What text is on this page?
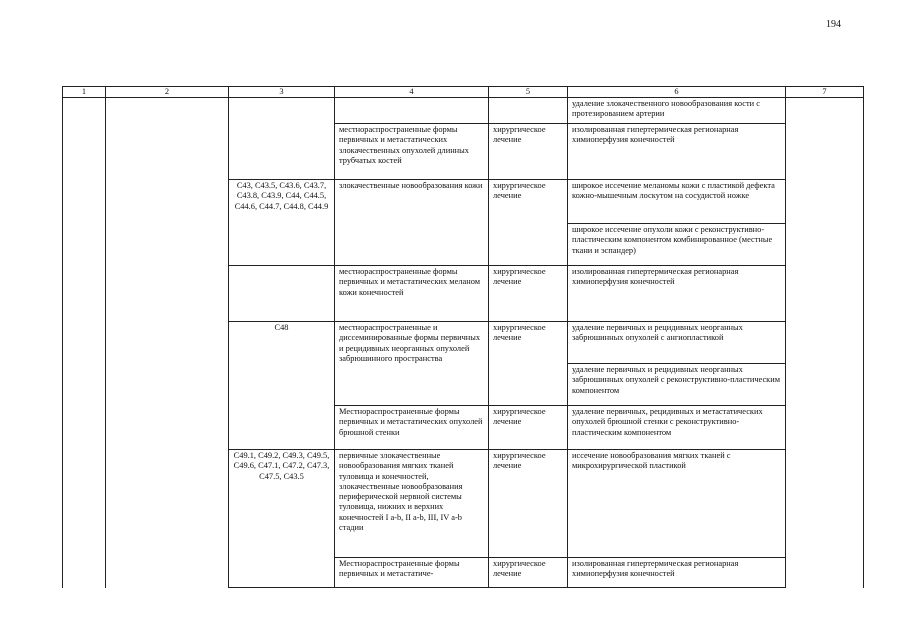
194
1	2	3	4	5	6	7
					удаление злокачественного новообразования кости с протезированием артерии	
			местнораспространенные формы первичных и метастатических злокачественных опухолей длинных трубчатых костей	хирургическое лечение	изолированная гипертермическая регионарная химиоперфузия конечностей	
		C43, C43.5, C43.6, C43.7, C43.8, C43.9, C44, C44.5, C44.6, C44.7, C44.8, C44.9	злокачественные новообразования кожи	хирургическое лечение	широкое иссечение меланомы кожи с пластикой дефекта кожно-мышечным лоскутом на сосудистой ножке	
					широкое иссечение опухоли кожи с реконструктивно-пластическим компонентом комбинированное (местные ткани и эспандер)	
			местнораспространенные формы первичных и метастатических меланом кожи конечностей	хирургическое лечение	изолированная гипертермическая регионарная химиоперфузия конечностей	
		C48	местнораспространенные и диссеминированные формы первичных и рецидивных неорганных опухолей забрюшинного пространства	хирургическое лечение	удаление первичных и рецидивных неорганных забрюшинных опухолей с ангиопластикой	
					удаление первичных и рецидивных неорганных забрюшинных опухолей с реконструктивно-пластическим компонентом	
			Местнораспространенные формы первичных и метастатических опухолей брюшной стенки	хирургическое лечение	удаление первичных, рецидивных и метастатических опухолей брюшной стенки с реконструктивно-пластическим компонентом	
		C49.1, C49.2, C49.3, C49.5, C49.6, C47.1, C47.2, C47.3, C47.5, C43.5	первичные злокачественные новообразования мягких тканей туловища и конечностей, злокачественные новообразования периферической нервной системы туловища, нижних и верхних конечностей I a-b, II a-b, III, IV a-b стадии	хирургическое лечение	иссечение новообразования мягких тканей с микрохирургической пластикой	
			Местнораспространенные формы первичных и метастатиче-	хирургическое лечение	изолированная гипертермическая регионарная химиоперфузия конечностей	
